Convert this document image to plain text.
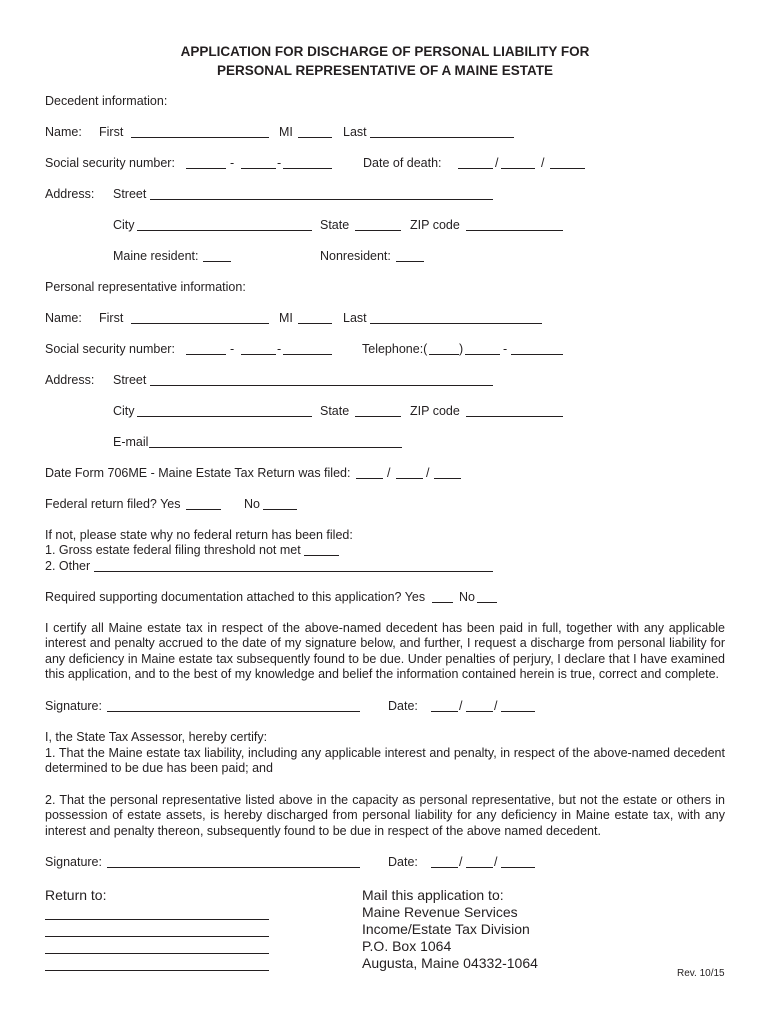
APPLICATION FOR DISCHARGE OF PERSONAL LIABILITY FOR
PERSONAL REPRESENTATIVE OF A MAINE ESTATE
Decedent information:
Name: First	MI	Last
Social security number:	-	-	Date of death:	/	/
Address: Street
City	State	ZIP code
Maine resident:	Nonresident:
Personal representative information:
Name: First	MI	Last
Social security number:	-	-	Telephone:(	)	-
Address: Street
City	State	ZIP code
E-mail
Date Form 706ME - Maine Estate Tax Return was filed:	/	/
Federal return filed? Yes	No
If not, please state why no federal return has been filed:
1. Gross estate federal filing threshold not met
2. Other
Required supporting documentation attached to this application? Yes	No
I certify all Maine estate tax in respect of the above-named decedent has been paid in full, together with any applicable interest and penalty accrued to the date of my signature below, and further, I request a discharge from personal liability for any deficiency in Maine estate tax subsequently found to be due. Under penalties of perjury, I declare that I have examined this application, and to the best of my knowledge and belief the information contained herein is true, correct and complete.
Signature:	Date:	/	/
I, the State Tax Assessor, hereby certify:
1. That the Maine estate tax liability, including any applicable interest and penalty, in respect of the above-named decedent determined to be due has been paid; and
2. That the personal representative listed above in the capacity as personal representative, but not the estate or others in possession of estate assets, is hereby discharged from personal liability for any deficiency in Maine estate tax, with any interest and penalty thereon, subsequently found to be due in respect of the above named decedent.
Signature:	Date:	/	/
Return to:	Mail this application to:
Maine Revenue Services
Income/Estate Tax Division
P.O. Box 1064
Augusta, Maine 04332-1064
Rev. 10/15
